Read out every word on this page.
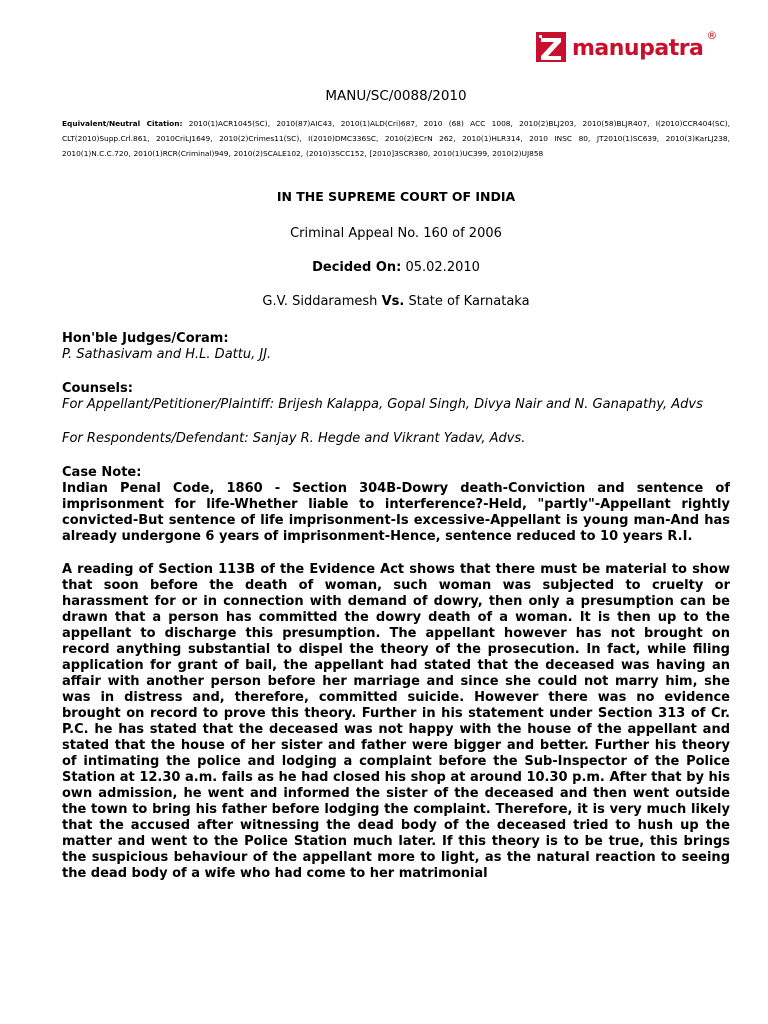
manupatra
®

MANU/SC/0088/2010

Equivalent/Neutral Citation: 2010(1)ACR1045(SC), 2010(87)AIC43, 2010(1)ALD(Cri)687, 2010 (68) ACC 1008, 2010(2)BLJ203, 2010(58)BLJR407, I(2010)CCR404(SC), CLT(2010)Supp.Crl.861, 2010CriLJ1649, 2010(2)Crimes11(SC), I(2010)DMC336SC, 2010(2)ECrN 262, 2010(1)HLR314, 2010 INSC 80, JT2010(1)SC639, 2010(3)KarLJ238, 2010(1)N.C.C.720, 2010(1)RCR(Criminal)949, 2010(2)SCALE102, (2010)3SCC152, [2010]3SCR380, 2010(1)UC399, 2010(2)UJ858

IN THE SUPREME COURT OF INDIA

Criminal Appeal No. 160 of 2006

Decided On: 05.02.2010

G.V. Siddaramesh Vs. State of Karnataka

Hon'ble Judges/Coram:

P. Sathasivam and H.L. Dattu, JJ.

Counsels:

For Appellant/Petitioner/Plaintiff: Brijesh Kalappa, Gopal Singh, Divya Nair and N. Ganapathy, Advs

For Respondents/Defendant: Sanjay R. Hegde and Vikrant Yadav, Advs.

Case Note:

Indian Penal Code, 1860 - Section 304B-Dowry death-Conviction and sentence of imprisonment for life-Whether liable to interference?-Held, "partly"-Appellant rightly convicted-But sentence of life imprisonment-Is excessive-Appellant is young man-And has already undergone 6 years of imprisonment-Hence, sentence reduced to 10 years R.I.

A reading of Section 113B of the Evidence Act shows that there must be material to show that soon before the death of woman, such woman was subjected to cruelty or harassment for or in connection with demand of dowry, then only a presumption can be drawn that a person has committed the dowry death of a woman. It is then up to the appellant to discharge this presumption. The appellant however has not brought on record anything substantial to dispel the theory of the prosecution. In fact, while filing application for grant of bail, the appellant had stated that the deceased was having an affair with another person before her marriage and since she could not marry him, she was in distress and, therefore, committed suicide. However there was no evidence brought on record to prove this theory. Further in his statement under Section 313 of Cr. P.C. he has stated that the deceased was not happy with the house of the appellant and stated that the house of her sister and father were bigger and better. Further his theory of intimating the police and lodging a complaint before the Sub-Inspector of the Police Station at 12.30 a.m. fails as he had closed his shop at around 10.30 p.m. After that by his own admission, he went and informed the sister of the deceased and then went outside the town to bring his father before lodging the complaint. Therefore, it is very much likely that the accused after witnessing the dead body of the deceased tried to hush up the matter and went to the Police Station much later. If this theory is to be true, this brings the suspicious behaviour of the appellant more to light, as the natural reaction to seeing the dead body of a wife who had come to her matrimonial
